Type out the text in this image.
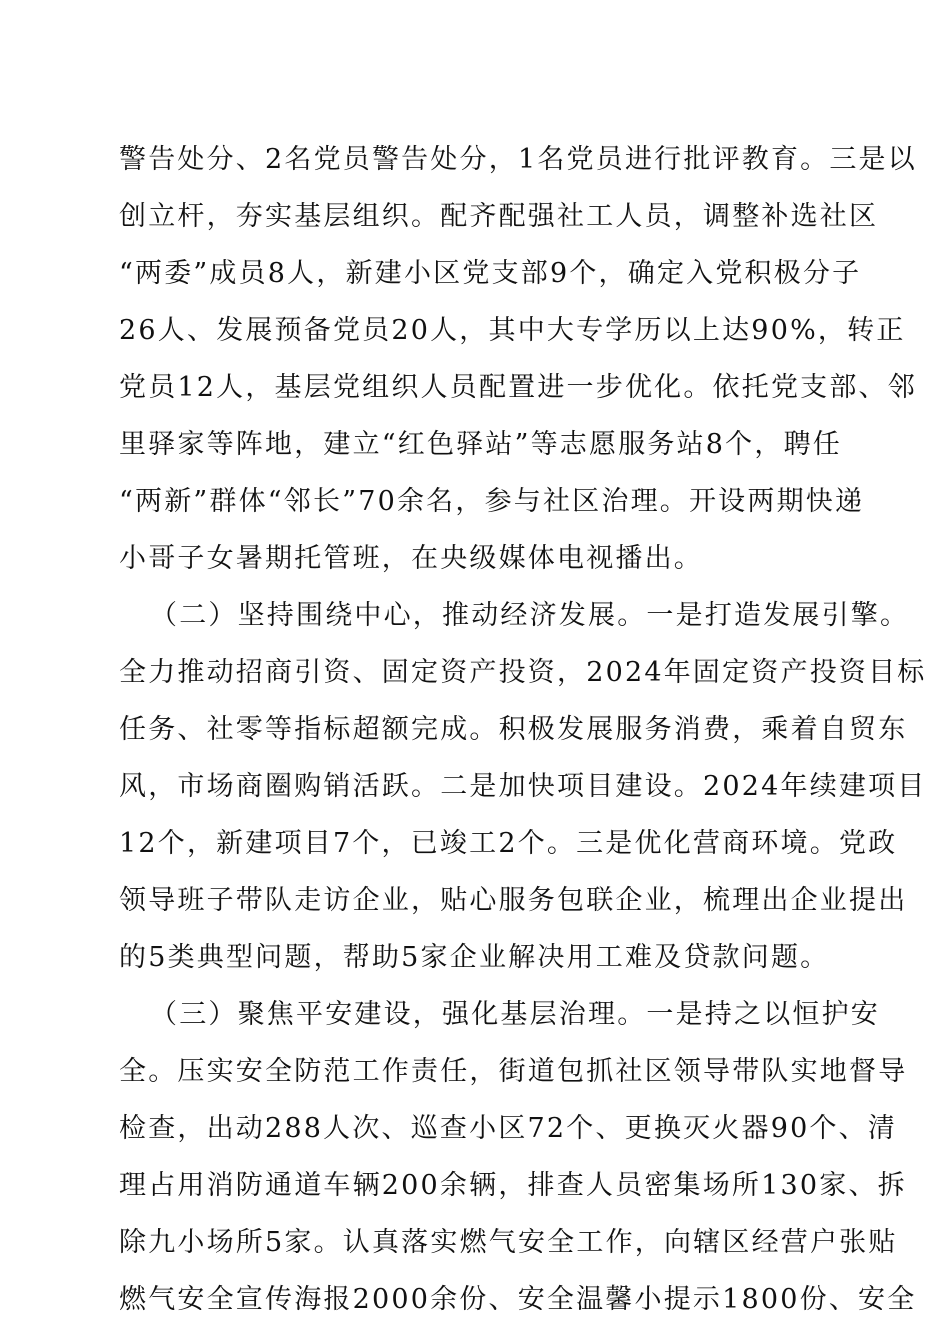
警告处分、2名党员警告处分，1名党员进行批评教育。三是以
创立杆，夯实基层组织。配齐配强社工人员，调整补选社区
“两委”成员8人，新建小区党支部9个，确定入党积极分子
26人、发展预备党员20人，其中大专学历以上达90%，转正
党员12人，基层党组织人员配置进一步优化。依托党支部、邻
里驿家等阵地，建立“红色驿站”等志愿服务站8个，聘任
“两新”群体“邻长”70余名，参与社区治理。开设两期快递
小哥子女暑期托管班，在央级媒体电视播出。
（二）坚持围绕中心，推动经济发展。一是打造发展引擎。
全力推动招商引资、固定资产投资，2024年固定资产投资目标
任务、社零等指标超额完成。积极发展服务消费，乘着自贸东
风，市场商圈购销活跃。二是加快项目建设。2024年续建项目
12个，新建项目7个，已竣工2个。三是优化营商环境。党政
领导班子带队走访企业，贴心服务包联企业，梳理出企业提出
的5类典型问题，帮助5家企业解决用工难及贷款问题。
（三）聚焦平安建设，强化基层治理。一是持之以恒护安
全。压实安全防范工作责任，街道包抓社区领导带队实地督导
检查，出动288人次、巡查小区72个、更换灭火器90个、清
理占用消防通道车辆200余辆，排查人员密集场所130家、拆
除九小场所5家。认真落实燃气安全工作，向辖区经营户张贴
燃气安全宣传海报2000余份、安全温馨小提示1800份、安全
